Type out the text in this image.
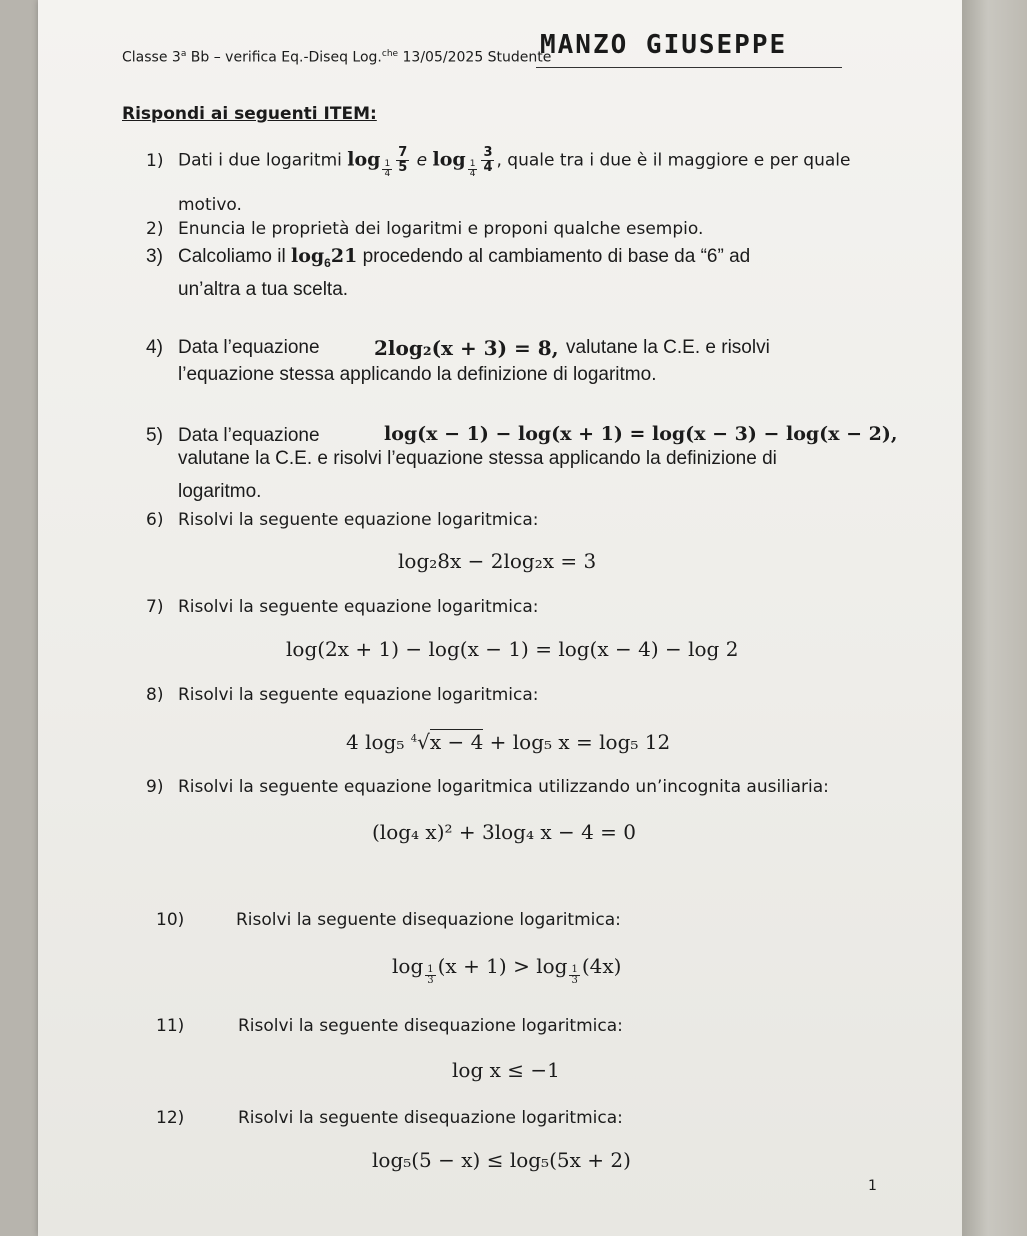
Classe 3$^a$ Bb – verifica Eq.-Diseq Log.$^{che}$ 13/05/2025 Studente
MANZO GIUSEPPE
Rispondi ai seguenti ITEM:
1) Dati i due logaritmi $\log \frac{1}{4} \frac{7}{5}$ e $\log \frac{1}{4} \frac{3}{4}$ , quale tra i due è il maggiore e per quale
motivo.
2) Enuncia le proprietà dei logaritmi e proponi qualche esempio.
3) Calcoliamo il $\log_621$ procedendo al cambiamento di base da “6” ad
un’altra a tua scelta.
4) Data l’equazione	2log₂(x + 3) = 8, valutane la C.E. e risolvi
l’equazione stessa applicando la definizione di logaritmo.
5) Data l’equazione	log(x − 1) − log(x + 1) = log(x − 3) − log(x − 2),
valutane la C.E. e risolvi l’equazione stessa applicando la definizione di
logaritmo.
6) Risolvi la seguente equazione logaritmica:
log₂8x − 2log₂x = 3
7) Risolvi la seguente equazione logaritmica:
log(2x + 1) − log(x − 1) = log(x − 4) − log 2
8) Risolvi la seguente equazione logaritmica:
4 log₅ $^4$√x − 4 + log₅ x = log₅ 12
9) Risolvi la seguente equazione logaritmica utilizzando un’incognita ausiliaria:
(log₄ x)² + 3log₄ x − 4 = 0
10)	Risolvi la seguente disequazione logaritmica:
$\log \frac{1}{3} (x + 1) > \log \frac{1}{3} (4x)$
11)	Risolvi la seguente disequazione logaritmica:
log x ≤ −1
12)	Risolvi la seguente disequazione logaritmica:
log₅(5 − x) ≤ log₅(5x + 2)
1
